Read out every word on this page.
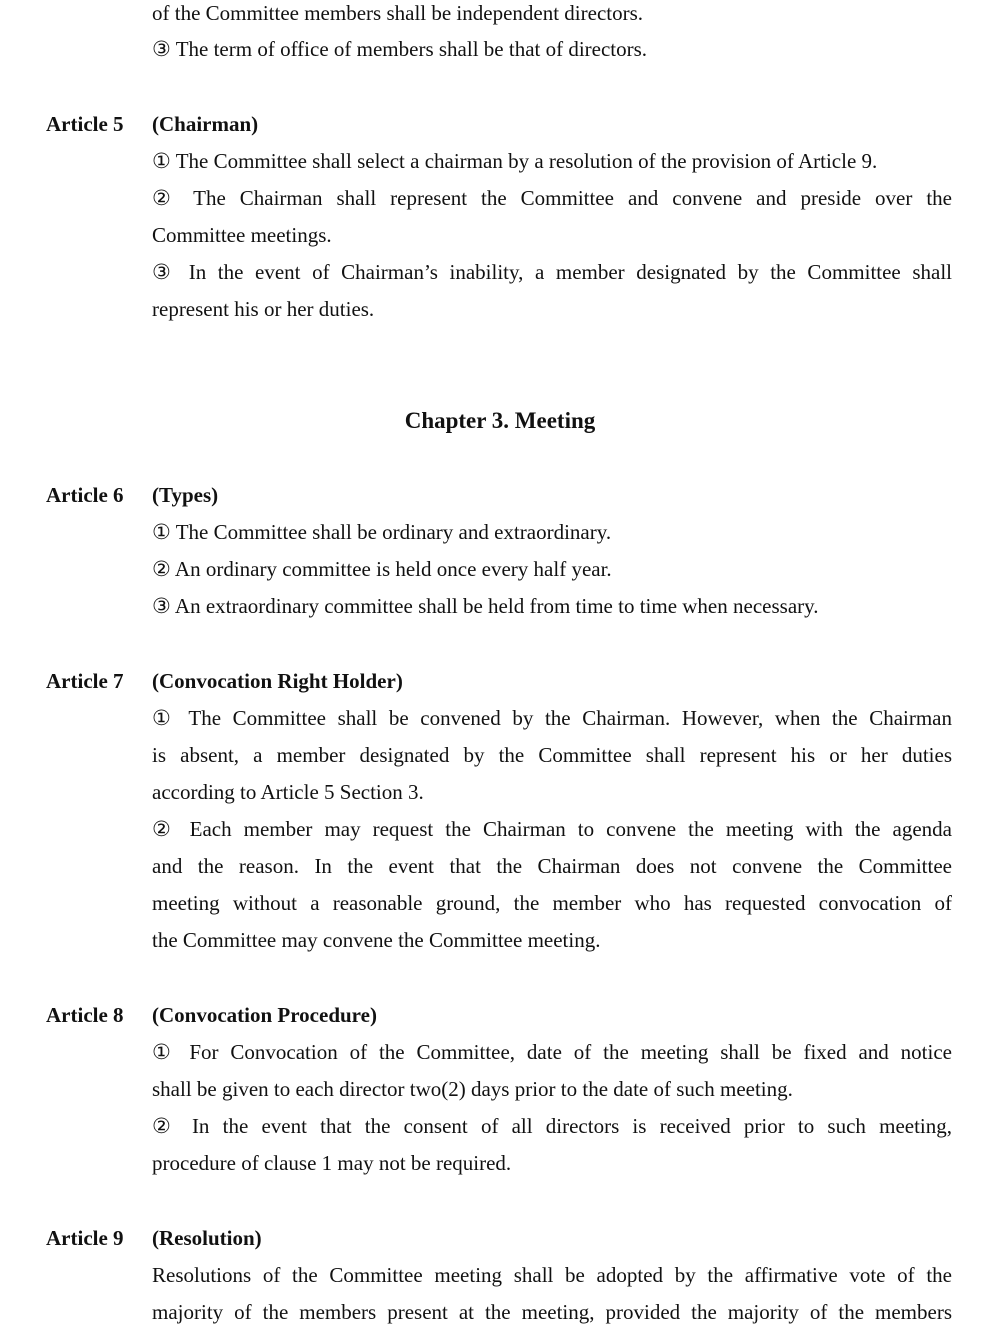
of the Committee members shall be independent directors.
③ The term of office of members shall be that of directors.
Article 5 (Chairman)
① The Committee shall select a chairman by a resolution of the provision of Article 9.
② The Chairman shall represent the Committee and convene and preside over the
Committee meetings.
③ In the event of Chairman’s inability, a member designated by the Committee shall
represent his or her duties.
Chapter 3. Meeting
Article 6 (Types)
① The Committee shall be ordinary and extraordinary.
② An ordinary committee is held once every half year.
③ An extraordinary committee shall be held from time to time when necessary.
Article 7 (Convocation Right Holder)
① The Committee shall be convened by the Chairman. However, when the Chairman
is absent, a member designated by the Committee shall represent his or her duties
according to Article 5 Section 3.
② Each member may request the Chairman to convene the meeting with the agenda
and the reason. In the event that the Chairman does not convene the Committee
meeting without a reasonable ground, the member who has requested convocation of
the Committee may convene the Committee meeting.
Article 8 (Convocation Procedure)
① For Convocation of the Committee, date of the meeting shall be fixed and notice
shall be given to each director two(2) days prior to the date of such meeting.
② In the event that the consent of all directors is received prior to such meeting,
procedure of clause 1 may not be required.
Article 9 (Resolution)
Resolutions of the Committee meeting shall be adopted by the affirmative vote of the
majority of the members present at the meeting, provided the majority of the members
